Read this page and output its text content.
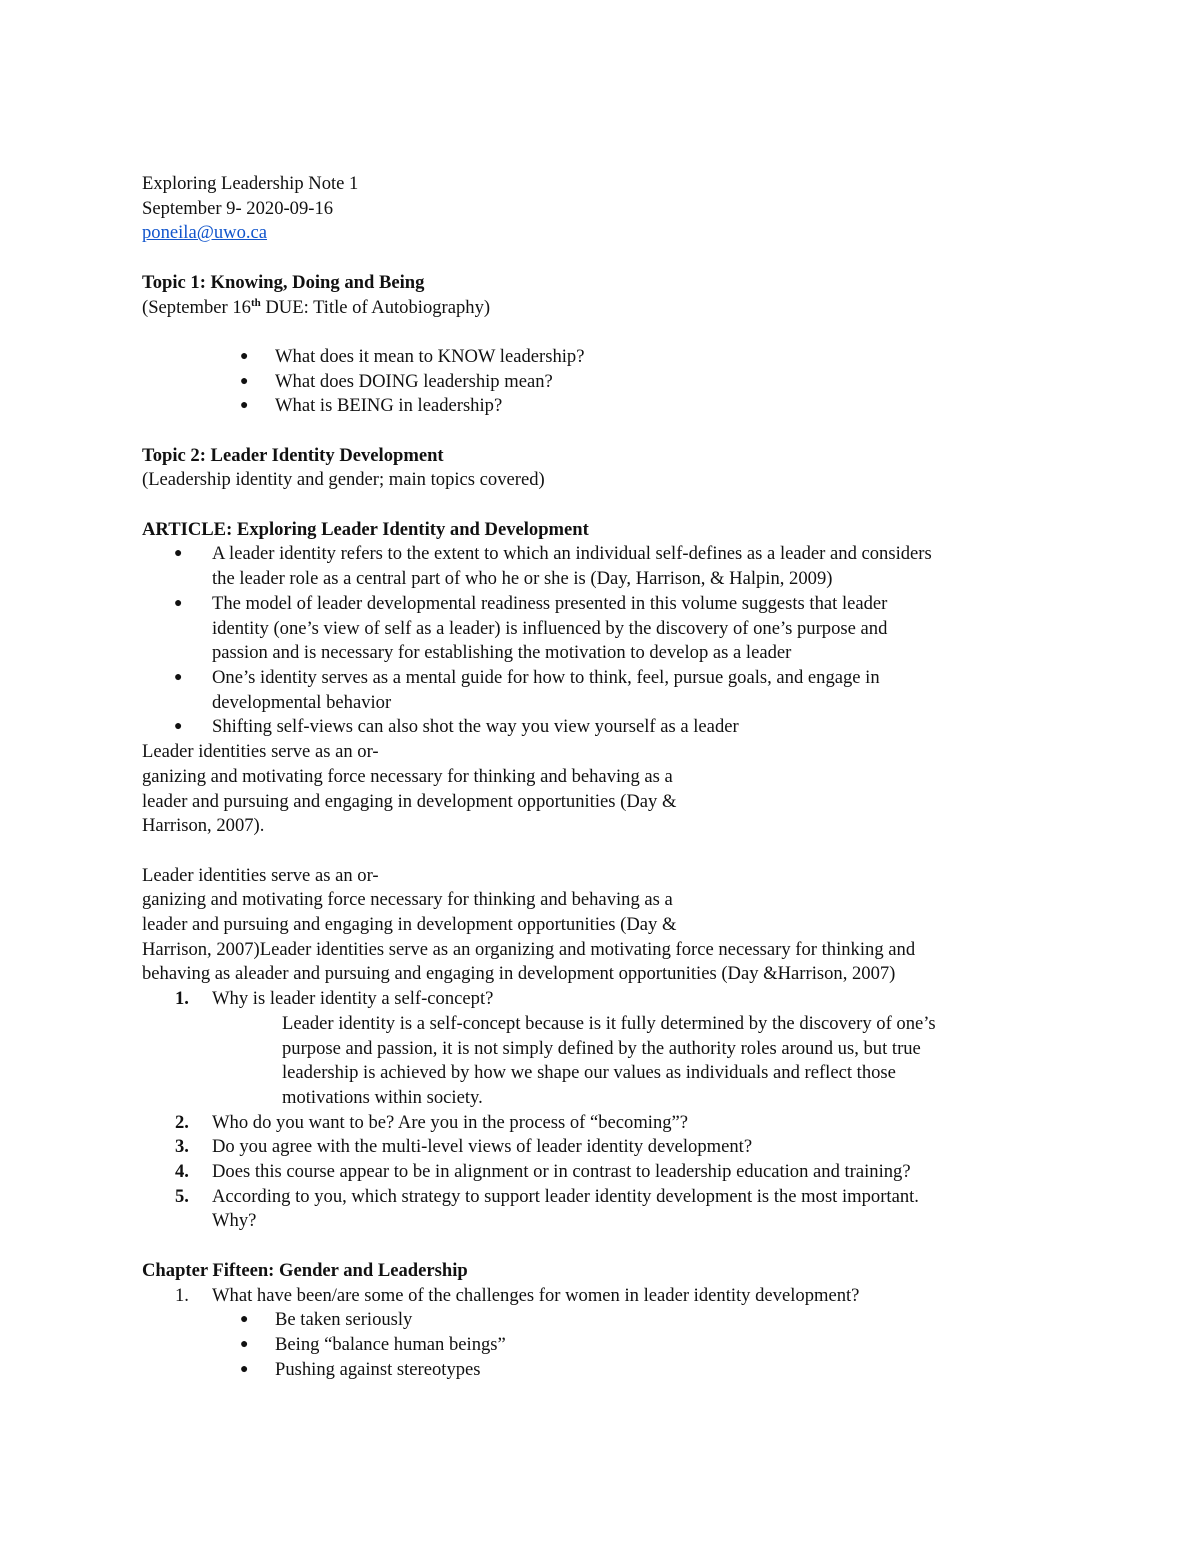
Exploring Leadership Note 1
September 9- 2020-09-16
poneila@uwo.ca
Topic 1: Knowing, Doing and Being
(September 16th DUE: Title of Autobiography)
● What does it mean to KNOW leadership?
● What does DOING leadership mean?
● What is BEING in leadership?
Topic 2: Leader Identity Development
(Leadership identity and gender; main topics covered)
ARTICLE: Exploring Leader Identity and Development
● A leader identity refers to the extent to which an individual self-defines as a leader and considers
the leader role as a central part of who he or she is (Day, Harrison, & Halpin, 2009)
● The model of leader developmental readiness presented in this volume suggests that leader
identity (one’s view of self as a leader) is influenced by the discovery of one’s purpose and
passion and is necessary for establishing the motivation to develop as a leader
● One’s identity serves as a mental guide for how to think, feel, pursue goals, and engage in
developmental behavior
● Shifting self-views can also shot the way you view yourself as a leader
Leader identities serve as an or-
ganizing and motivating force necessary for thinking and behaving as a
leader and pursuing and engaging in development opportunities (Day &
Harrison, 2007).
Leader identities serve as an or-
ganizing and motivating force necessary for thinking and behaving as a
leader and pursuing and engaging in development opportunities (Day &
Harrison, 2007)Leader identities serve as an organizing and motivating force necessary for thinking and
behaving as aleader and pursuing and engaging in development opportunities (Day &Harrison, 2007)
1. Why is leader identity a self-concept?
Leader identity is a self-concept because is it fully determined by the discovery of one’s
purpose and passion, it is not simply defined by the authority roles around us, but true
leadership is achieved by how we shape our values as individuals and reflect those
motivations within society.
2. Who do you want to be? Are you in the process of “becoming”?
3. Do you agree with the multi-level views of leader identity development?
4. Does this course appear to be in alignment or in contrast to leadership education and training?
5. According to you, which strategy to support leader identity development is the most important.
Why?
Chapter Fifteen: Gender and Leadership
1. What have been/are some of the challenges for women in leader identity development?
● Be taken seriously
● Being “balance human beings”
● Pushing against stereotypes
